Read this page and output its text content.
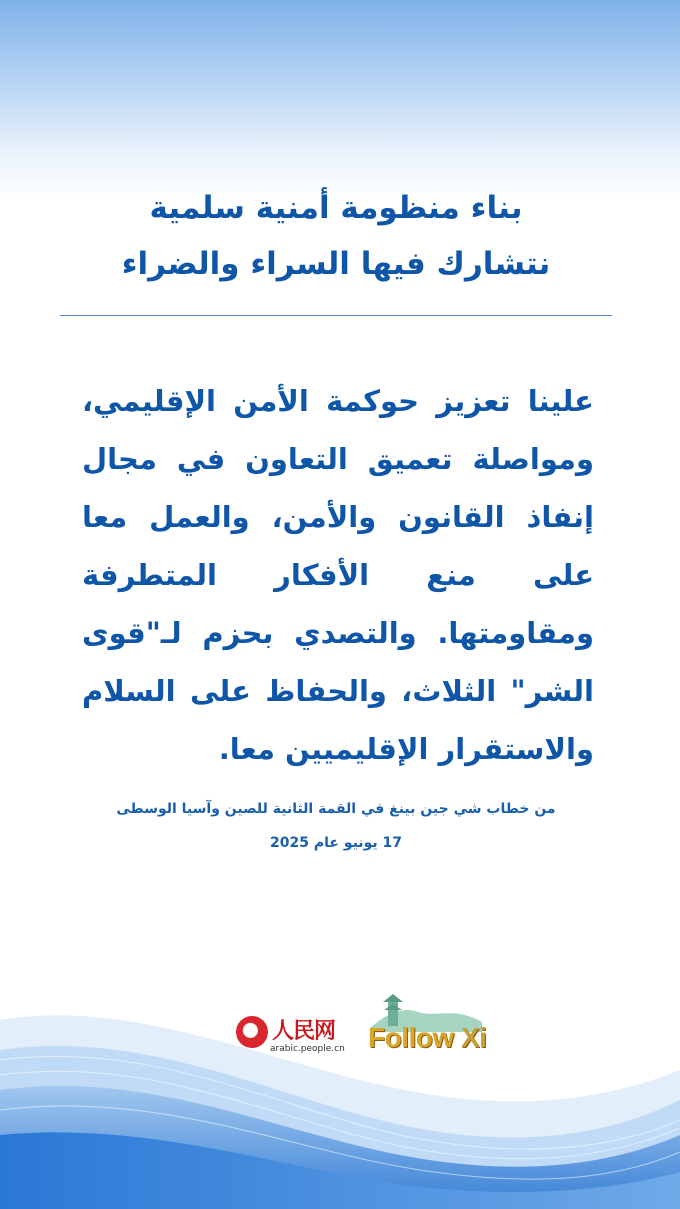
بناء منظومة أمنية سلمية
نتشارك فيها السراء والضراء
علينا تعزيز حوكمة الأمن الإقليمي، ومواصلة تعميق التعاون في مجال إنفاذ القانون والأمن، والعمل معا على منع الأفكار المتطرفة ومقاومتها. والتصدي بحزم لـ"قوى الشر" الثلاث، والحفاظ على السلام والاستقرار الإقليميين معا.
من خطاب شي جين بينغ في القمة الثانية للصين وآسيا الوسطى
17 يونيو عام 2025
人民网
arabic.people.cn Follow Xi
